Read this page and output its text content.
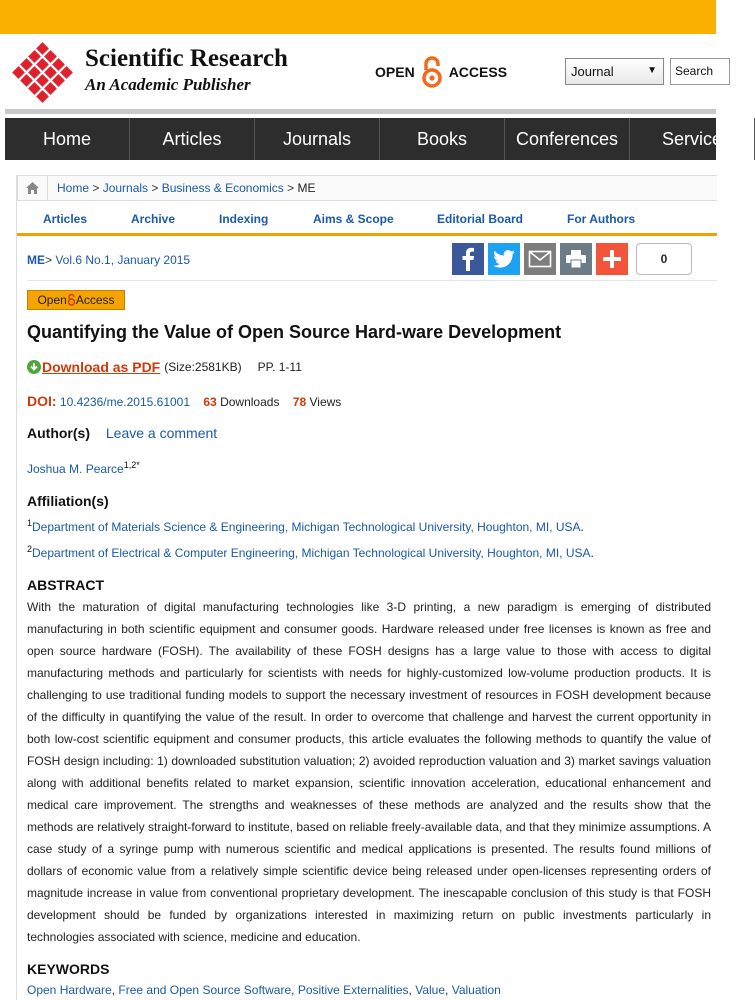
Scientific Research
An Academic Publisher
OPEN ACCESS	Journal	▼	Search
Home	Articles	Journals	Books	Conferences	Service
Home > Journals > Business & Economics > ME
Articles	Archive	Indexing	Aims & Scope	Editorial Board	For Authors
ME> Vol.6 No.1, January 2015	0
Open Access
Quantifying the Value of Open Source Hard-ware Development
Download as PDF (Size:2581KB) PP. 1-11
DOI: 10.4236/me.2015.61001 63 Downloads 78 Views
Author(s) Leave a comment
Joshua M. Pearce$^{1,2*}$
Affiliation(s)
$^1$Department of Materials Science & Engineering, Michigan Technological University, Houghton, MI, USA.
$^2$Department of Electrical & Computer Engineering, Michigan Technological University, Houghton, MI, USA.
ABSTRACT
With the maturation of digital manufacturing technologies like 3-D printing, a new paradigm is emerging of distributed manufacturing in both scientific equipment and consumer goods. Hardware released under free licenses is known as free and open source hardware (FOSH). The availability of these FOSH designs has a large value to those with access to digital manufacturing methods and particularly for scientists with needs for highly-customized low-volume production products. It is challenging to use traditional funding models to support the necessary investment of resources in FOSH development because of the difficulty in quantifying the value of the result. In order to overcome that challenge and harvest the current opportunity in both low-cost scientific equipment and consumer products, this article evaluates the following methods to quantify the value of FOSH design including: 1) downloaded substitution valuation; 2) avoided reproduction valuation and 3) market savings valuation along with additional benefits related to market expansion, scientific innovation acceleration, educational enhancement and medical care improvement. The strengths and weaknesses of these methods are analyzed and the results show that the methods are relatively straight-forward to institute, based on reliable freely-available data, and that they minimize assumptions. A case study of a syringe pump with numerous scientific and medical applications is presented. The results found millions of dollars of economic value from a relatively simple scientific device being released under open-licenses representing orders of magnitude increase in value from conventional proprietary development. The inescapable conclusion of this study is that FOSH development should be funded by organizations interested in maximizing return on public investments particularly in technologies associated with science, medicine and education.
KEYWORDS
Open Hardware, Free and Open Source Software, Positive Externalities, Value, Valuation
